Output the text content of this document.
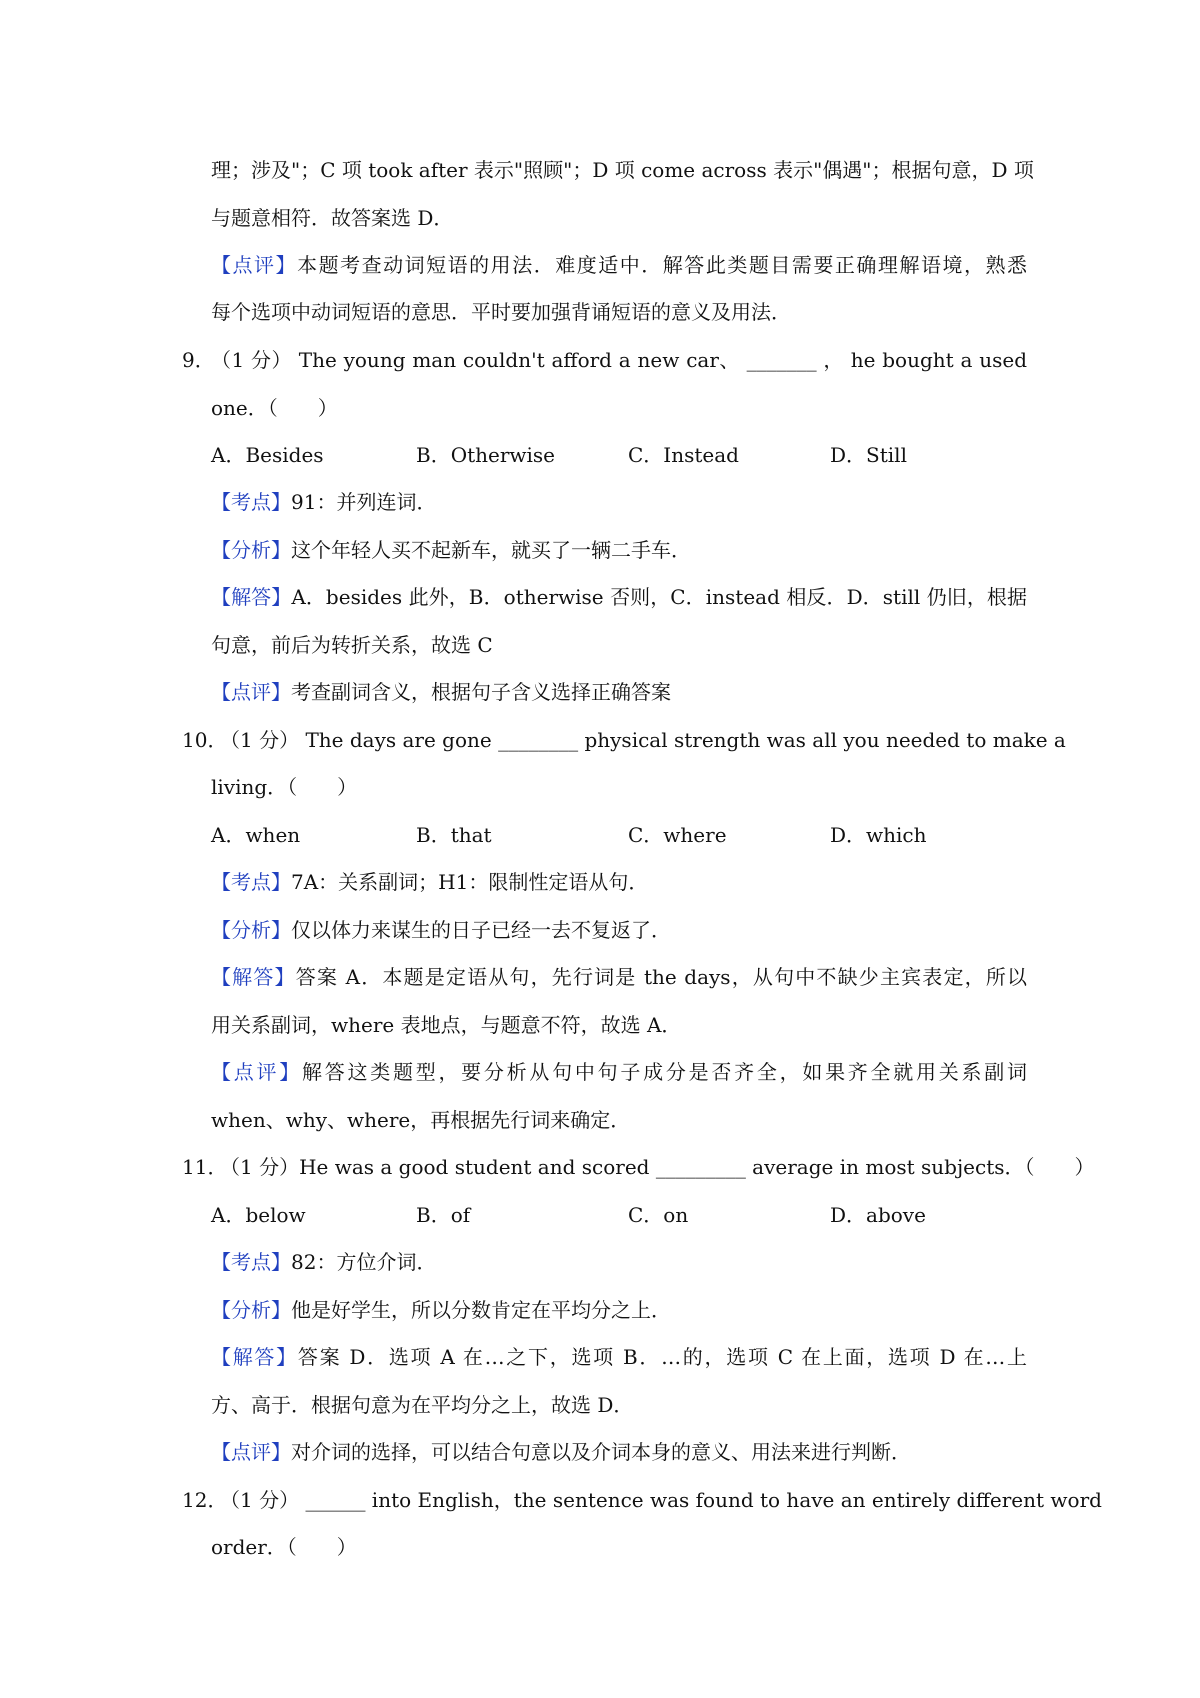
理；涉及"；C 项 took after 表示"照顾"；D 项 come across 表示"偶遇"；根据句意，D 项
与题意相符．故答案选 D．
【点评】本题考查动词短语的用法．难度适中．解答此类题目需要正确理解语境，熟悉
每个选项中动词短语的意思．平时要加强背诵短语的意义及用法．
9．
（1 分） The young man couldn't afford a new car、 _______ ， he bought a used
one．（　　）
A．Besides	B．Otherwise	C．Instead	D．Still
【考点】91：并列连词．
【分析】这个年轻人买不起新车，就买了一辆二手车．
【解答】A．besides 此外，B．otherwise 否则，C．instead 相反．D．still 仍旧，根据
句意，前后为转折关系，故选 C
【点评】考查副词含义，根据句子含义选择正确答案
10．
（1 分） The days are gone ________ physical strength was all you needed to make a
living．（　　）
A．when	B．that	C．where	D．which
【考点】7A：关系副词；H1：限制性定语从句．
【分析】仅以体力来谋生的日子已经一去不复返了．
【解答】答案 A．本题是定语从句，先行词是 the days，从句中不缺少主宾表定，所以
用关系副词，where 表地点，与题意不符，故选 A．
【点评】解答这类题型，要分析从句中句子成分是否齐全，如果齐全就用关系副词
when、why、where，再根据先行词来确定．
11．
（1 分）He was a good student and scored _________ average in most subjects．（　　）
A．below	B．of	C．on	D．above
【考点】82：方位介词．
【分析】他是好学生，所以分数肯定在平均分之上．
【解答】答案 D．选项 A 在…之下，选项 B．…的，选项 C 在上面，选项 D 在…上
方、高于．根据句意为在平均分之上，故选 D．
【点评】对介词的选择，可以结合句意以及介词本身的意义、用法来进行判断．
12．
（1 分） ______ into English，the sentence was found to have an entirely different word
order．（　　）
